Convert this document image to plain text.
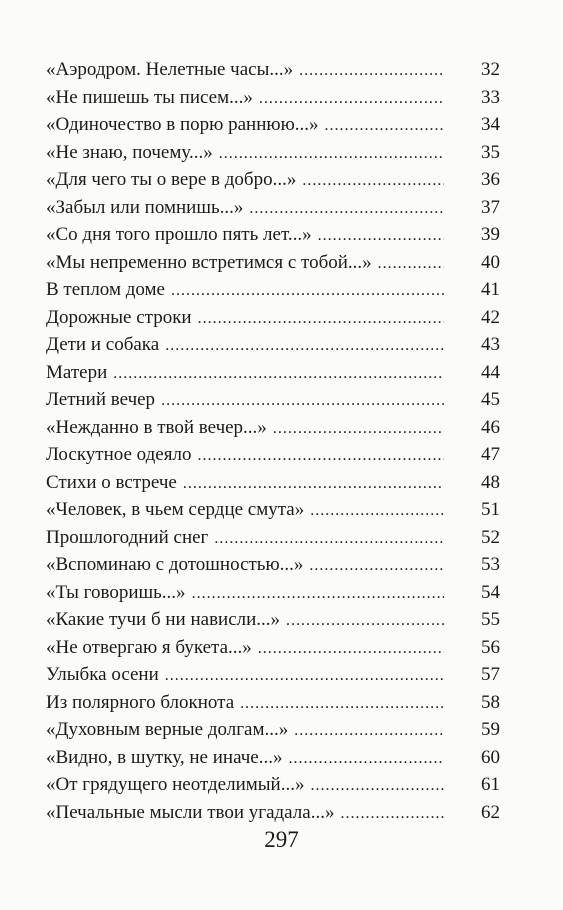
«Аэродром. Нелетные часы...» .....	32
«Не пишешь ты писем...» .....	33
«Одиночество в порю раннюю...» .....	34
«Не знаю, почему...» .....	35
«Для чего ты о вере в добро...» .....	36
«Забыл или помнишь...» .....	37
«Со дня того прошло пять лет...» .....	39
«Мы непременно встретимся с тобой...» .....	40
В теплом доме .....	41
Дорожные строки .....	42
Дети и собака .....	43
Матери .....	44
Летний вечер .....	45
«Нежданно в твой вечер...» .....	46
Лоскутное одеяло .....	47
Стихи о встрече .....	48
«Человек, в чьем сердце смута» .....	51
Прошлогодний снег .....	52
«Вспоминаю с дотошностью...» .....	53
«Ты говоришь...» .....	54
«Какие тучи б ни нависли...» .....	55
«Не отвергаю я букета...» .....	56
Улыбка осени .....	57
Из полярного блокнота .....	58
«Духовным верные долгам...» .....	59
«Видно, в шутку, не иначе...» .....	60
«От грядущего неотделимый...» .....	61
«Печальные мысли твои угадала...» .....	62
297
